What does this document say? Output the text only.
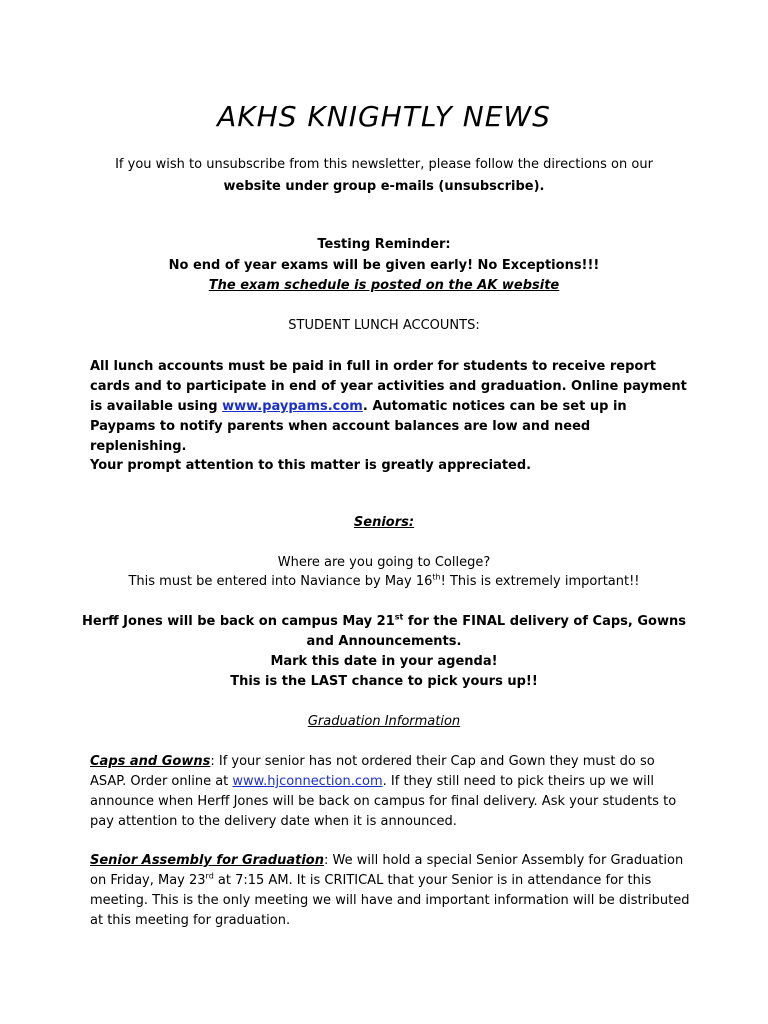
AKHS KNIGHTLY NEWS
If you wish to unsubscribe from this newsletter, please follow the directions on our
website under group e-mails (unsubscribe).
Testing Reminder:
No end of year exams will be given early! No Exceptions!!!
The exam schedule is posted on the AK website
STUDENT LUNCH ACCOUNTS:
All lunch accounts must be paid in full in order for students to receive report cards and to participate in end of year activities and graduation. Online payment is available using www.paypams.com. Automatic notices can be set up in Paypams to notify parents when account balances are low and need replenishing.
Your prompt attention to this matter is greatly appreciated.
Seniors:
Where are you going to College?
This must be entered into Naviance by May 16th! This is extremely important!!
Herff Jones will be back on campus May 21st for the FINAL delivery of Caps, Gowns
and Announcements.
Mark this date in your agenda!
This is the LAST chance to pick yours up!!
Graduation Information
Caps and Gowns: If your senior has not ordered their Cap and Gown they must do so ASAP. Order online at www.hjconnection.com. If they still need to pick theirs up we will announce when Herff Jones will be back on campus for final delivery. Ask your students to pay attention to the delivery date when it is announced.
Senior Assembly for Graduation: We will hold a special Senior Assembly for Graduation on Friday, May 23rd at 7:15 AM. It is CRITICAL that your Senior is in attendance for this meeting. This is the only meeting we will have and important information will be distributed at this meeting for graduation.
